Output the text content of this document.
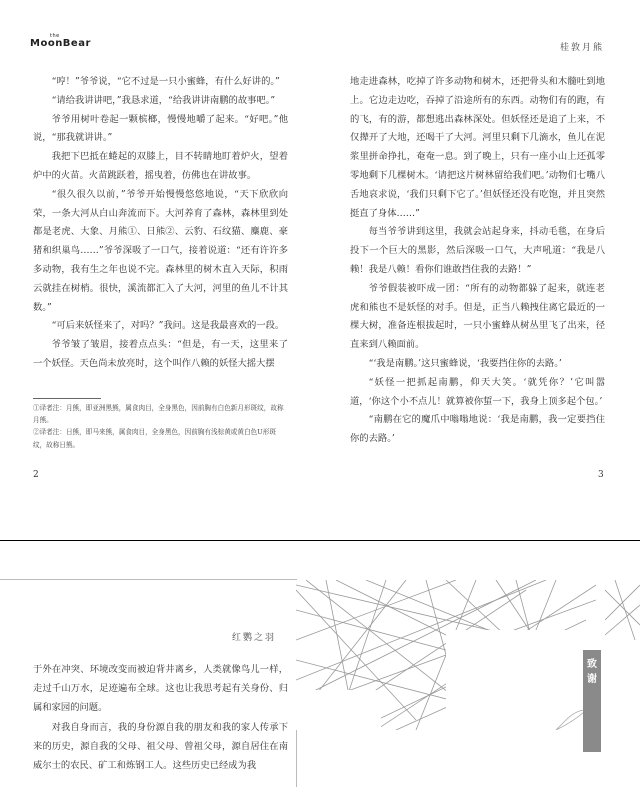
the
MoonBear	桂敦月熊

“哼！”爷爷说，“它不过是一只小蜜蜂，有什么好讲的。”

“请给我讲讲吧，”我恳求道，“给我讲讲南鹏的故事吧。”

爷爷用树叶卷起一颗槟榔，慢慢地嚼了起来。“好吧。”他说，“那我就讲讲。”

我把下巴抵在蜷起的双膝上，目不转睛地盯着炉火，望着炉中的火苗。火苗跳跃着，摇曳着，仿佛也在讲故事。

“很久很久以前，”爷爷开始慢慢悠悠地说，“天下欣欣向荣，一条大河从白山奔流而下。大河养育了森林，森林里到处都是老虎、大象、月熊①、日熊②、云豹、石纹猫、麋鹿、豪猪和织巢鸟……”爷爷深吸了一口气，接着说道：“还有许许多多动物，我有生之年也说不完。森林里的树木直入天际，积雨云就挂在树梢。很快，溪流都汇入了大河，河里的鱼儿不计其数。”

“可后来妖怪来了，对吗？”我问。这是我最喜欢的一段。

爷爷皱了皱眉，接着点点头：“但是，有一天，这里来了一个妖怪。天色尚未放亮时，这个叫作八赖的妖怪大摇大摆

①译者注：月熊，即亚洲黑熊，属食肉目，全身黑色，因前胸有白色新月形斑纹，故称月熊。

②译者注：日熊，即马来熊，属食肉目，全身黑色，因前胸有浅棕黄或黄白色U形斑纹，故称日熊。

2

地走进森林，吃掉了许多动物和树木，还把骨头和木髓吐到地上。它边走边吃，吞掉了沿途所有的东西。动物们有的跑，有的飞，有的游，都想逃出森林深处。但妖怪还是追了上来，不仅撵开了大地，还喝干了大河。河里只剩下几滴水，鱼儿在泥浆里拼命挣扎，奄奄一息。到了晚上，只有一座小山上还孤零零地剩下几棵树木。‘请把这片树林留给我们吧。’动物们七嘴八舌地哀求说，‘我们只剩下它了。’但妖怪还没有吃饱，并且突然挺直了身体……”

每当爷爷讲到这里，我就会站起身来，抖动毛毯，在身后投下一个巨大的黑影，然后深吸一口气，大声吼道：“我是八赖！我是八赖！看你们谁敢挡住我的去路！”

爷爷假装被吓成一团：“所有的动物都躲了起来，就连老虎和熊也不是妖怪的对手。但是，正当八赖拽住离它最近的一棵大树，准备连根拔起时，一只小蜜蜂从树丛里飞了出来，径直来到八赖面前。

“‘我是南鹏。’这只蜜蜂说，‘我要挡住你的去路。’

“妖怪一把抓起南鹏，仰天大笑。‘就凭你？’它叫嚣道，‘你这个小不点儿！就算被你蜇一下，我身上顶多起个包。’

“南鹏在它的魔爪中嗡嗡地说：‘我是南鹏，我一定要挡住你的去路。’

3
红鹦之羽

于外在冲突、环境改变而被迫背井离乡，人类就像鸟儿一样，走过千山万水，足迹遍布全球。这也让我思考起有关身份、归属和家园的问题。

对我自身而言，我的身份源自我的朋友和我的家人传承下来的历史，源自我的父母、祖父母、曾祖父母，源自居住在南威尔士的农民、矿工和炼钢工人。这些历史已经成为我

致谢
